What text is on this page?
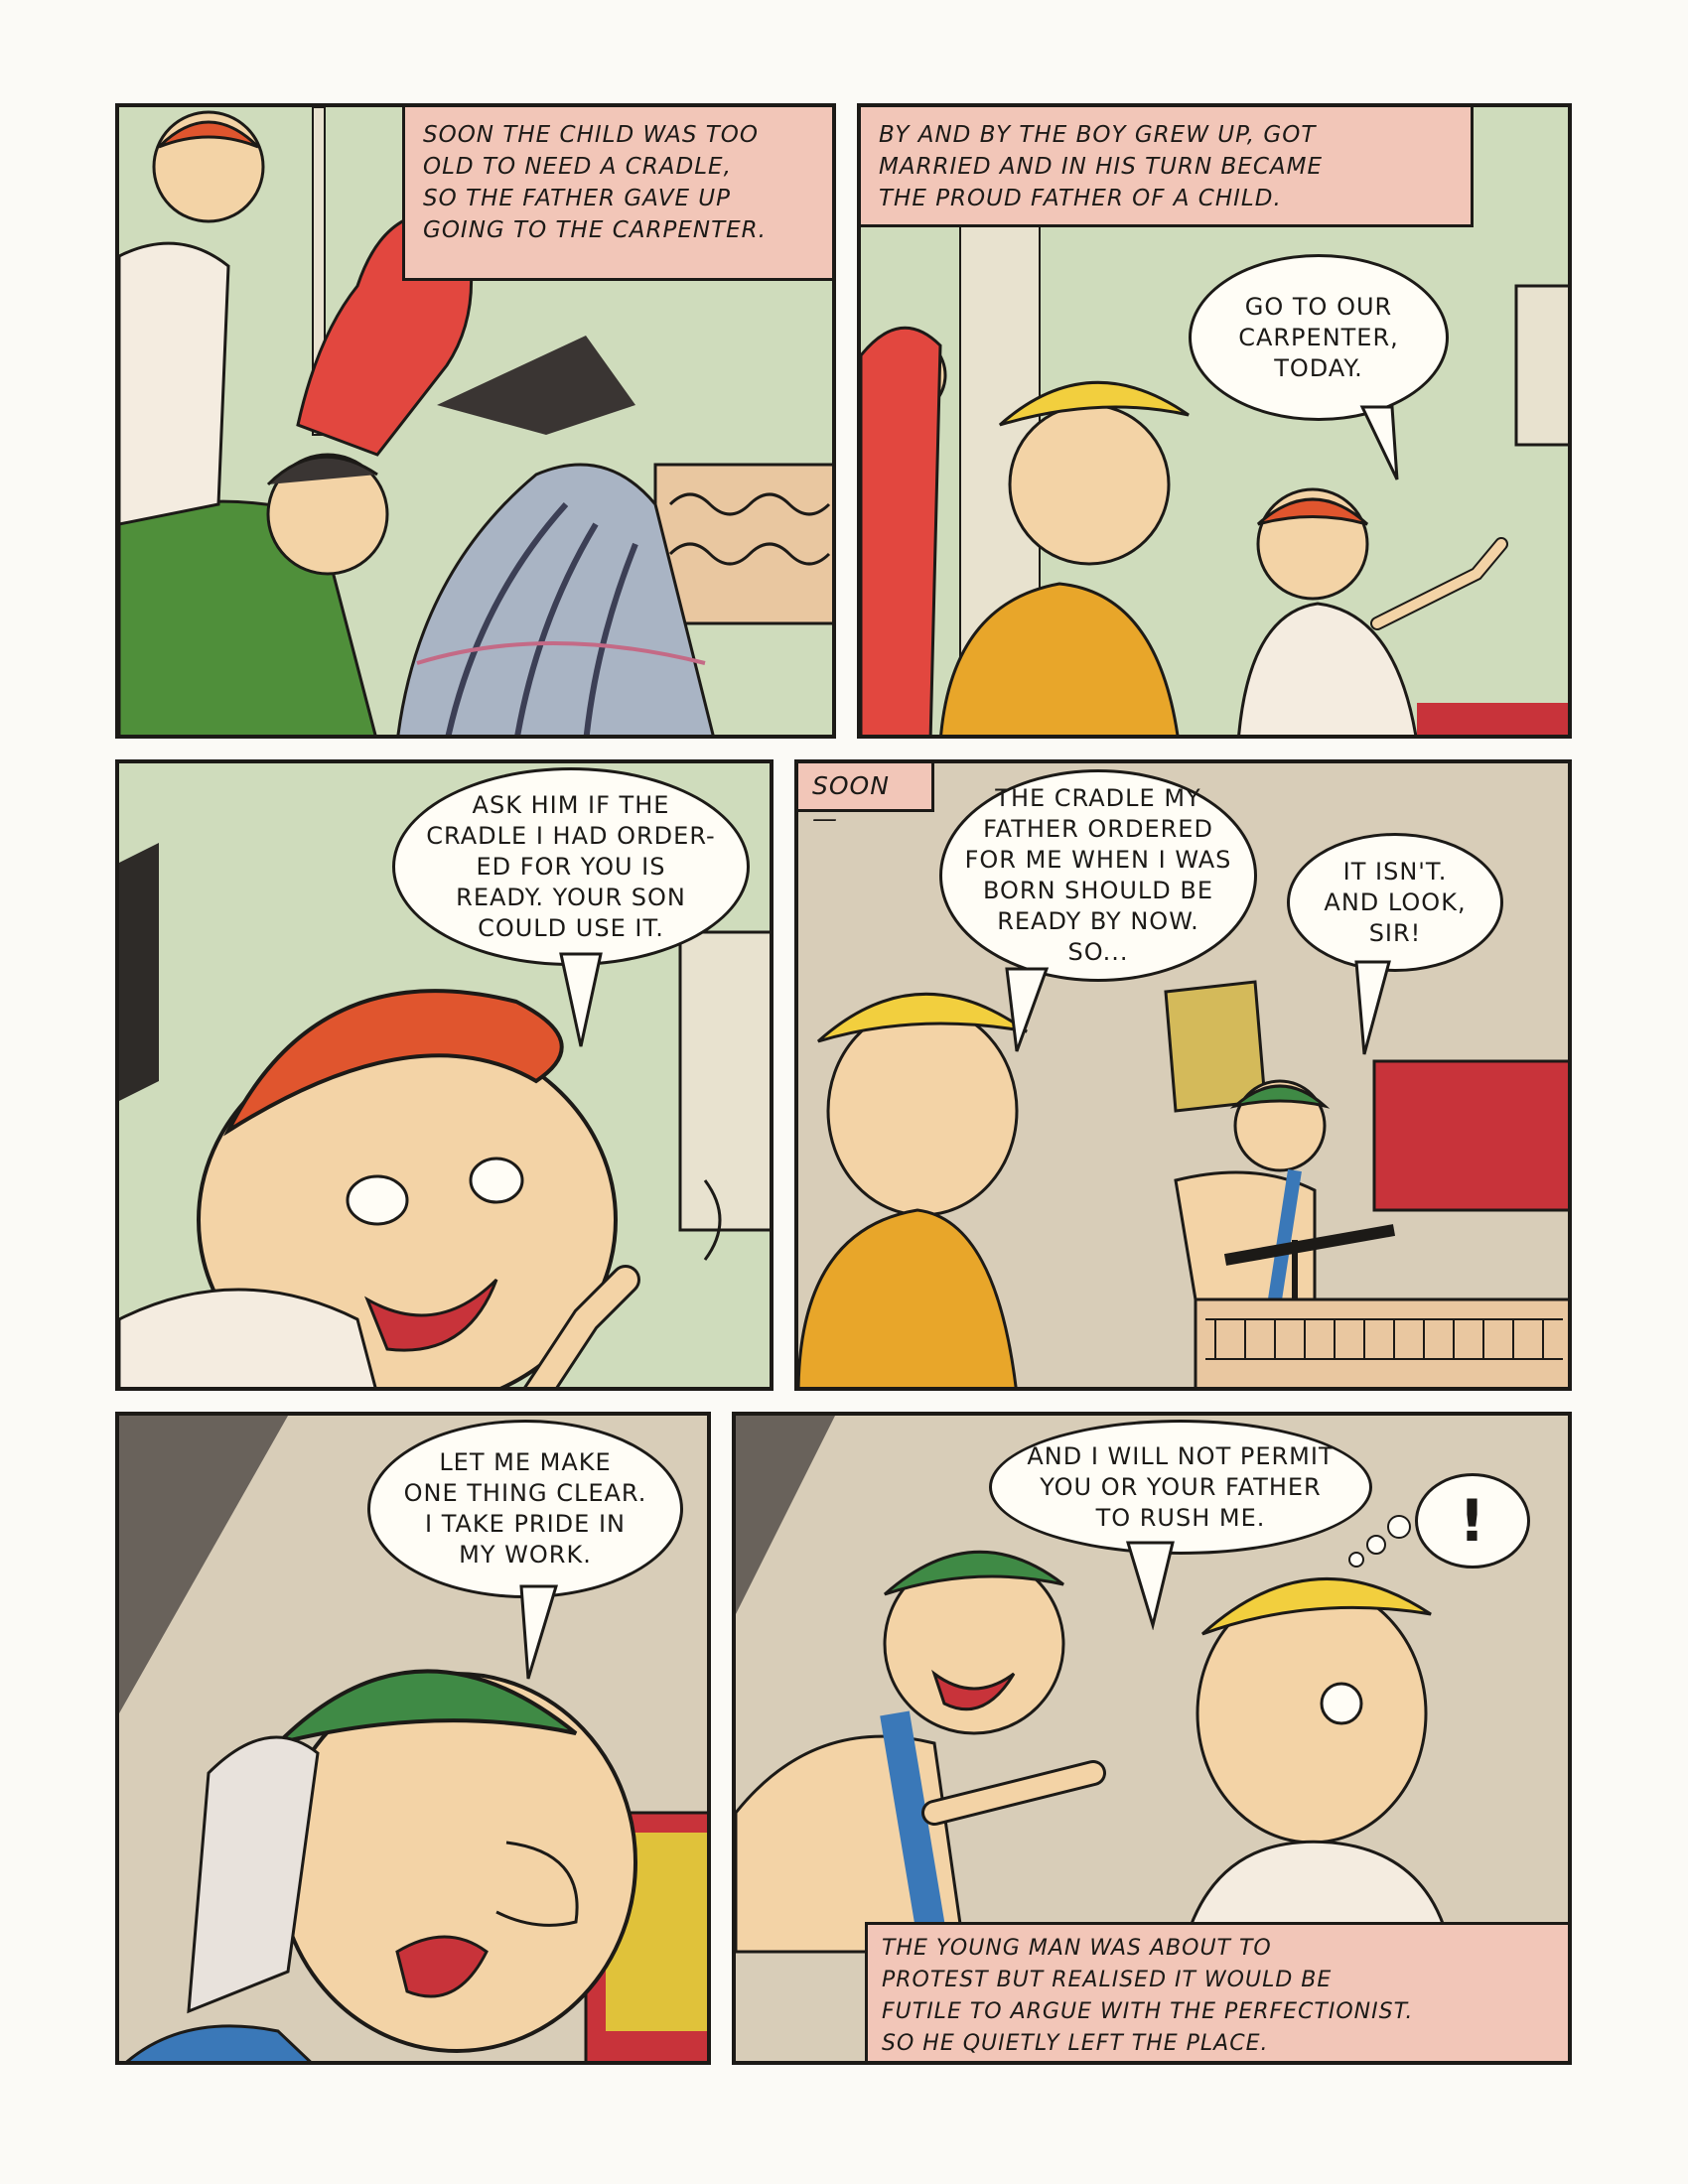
SOON THE CHILD WAS TOO
OLD TO NEED A CRADLE,
SO THE FATHER GAVE UP
GOING TO THE CARPENTER.
BY AND BY THE BOY GREW UP, GOT
MARRIED AND IN HIS TURN BECAME
THE PROUD FATHER OF A CHILD.
GO TO OUR
CARPENTER,
TODAY.
ASK HIM IF THE
CRADLE I HAD ORDER-
ED FOR YOU IS
READY. YOUR SON
COULD USE IT.
SOON —
THE CRADLE MY
FATHER ORDERED
FOR ME WHEN I WAS
BORN SHOULD BE
READY BY NOW.
SO...
IT ISN'T.
AND LOOK,
SIR!
LET ME MAKE
ONE THING CLEAR.
I TAKE PRIDE IN
MY WORK.
AND I WILL NOT PERMIT
YOU OR YOUR FATHER
TO RUSH ME.	!
THE YOUNG MAN WAS ABOUT TO
PROTEST BUT REALISED IT WOULD BE
FUTILE TO ARGUE WITH THE PERFECTIONIST.
SO HE QUIETLY LEFT THE PLACE.
